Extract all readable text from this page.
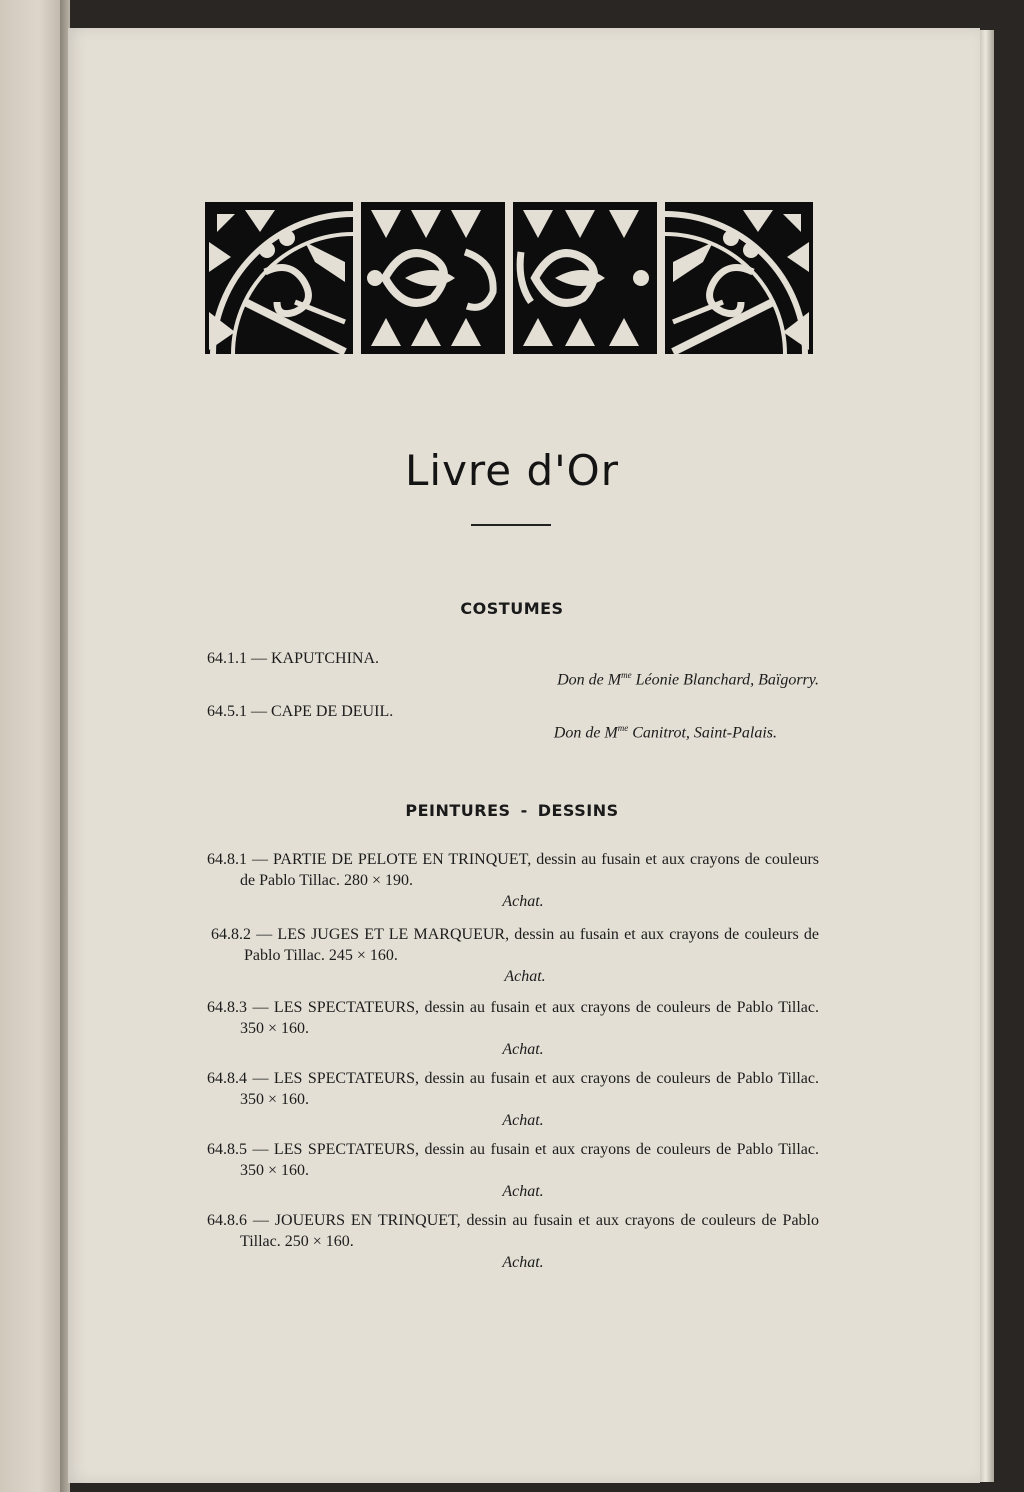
Livre d'Or
COSTUMES
64.1.1 — KAPUTCHINA.
Don de $M^{me}$ Léonie Blanchard, Baïgorry.
64.5.1 — CAPE DE DEUIL.
Don de $M^{me}$ Canitrot, Saint-Palais.
PEINTURES - DESSINS
64.8.1 — PARTIE DE PELOTE EN TRINQUET, dessin au fusain et aux crayons de couleurs de Pablo Tillac. 280 × 190.
Achat.
64.8.2 — LES JUGES ET LE MARQUEUR, dessin au fusain et aux crayons de couleurs de Pablo Tillac. 245 × 160.
Achat.
64.8.3 — LES SPECTATEURS, dessin au fusain et aux crayons de couleurs de Pablo Tillac. 350 × 160.
Achat.
64.8.4 — LES SPECTATEURS, dessin au fusain et aux crayons de couleurs de Pablo Tillac. 350 × 160.
Achat.
64.8.5 — LES SPECTATEURS, dessin au fusain et aux crayons de couleurs de Pablo Tillac. 350 × 160.
Achat.
64.8.6 — JOUEURS EN TRINQUET, dessin au fusain et aux crayons de couleurs de Pablo Tillac. 250 × 160.
Achat.
